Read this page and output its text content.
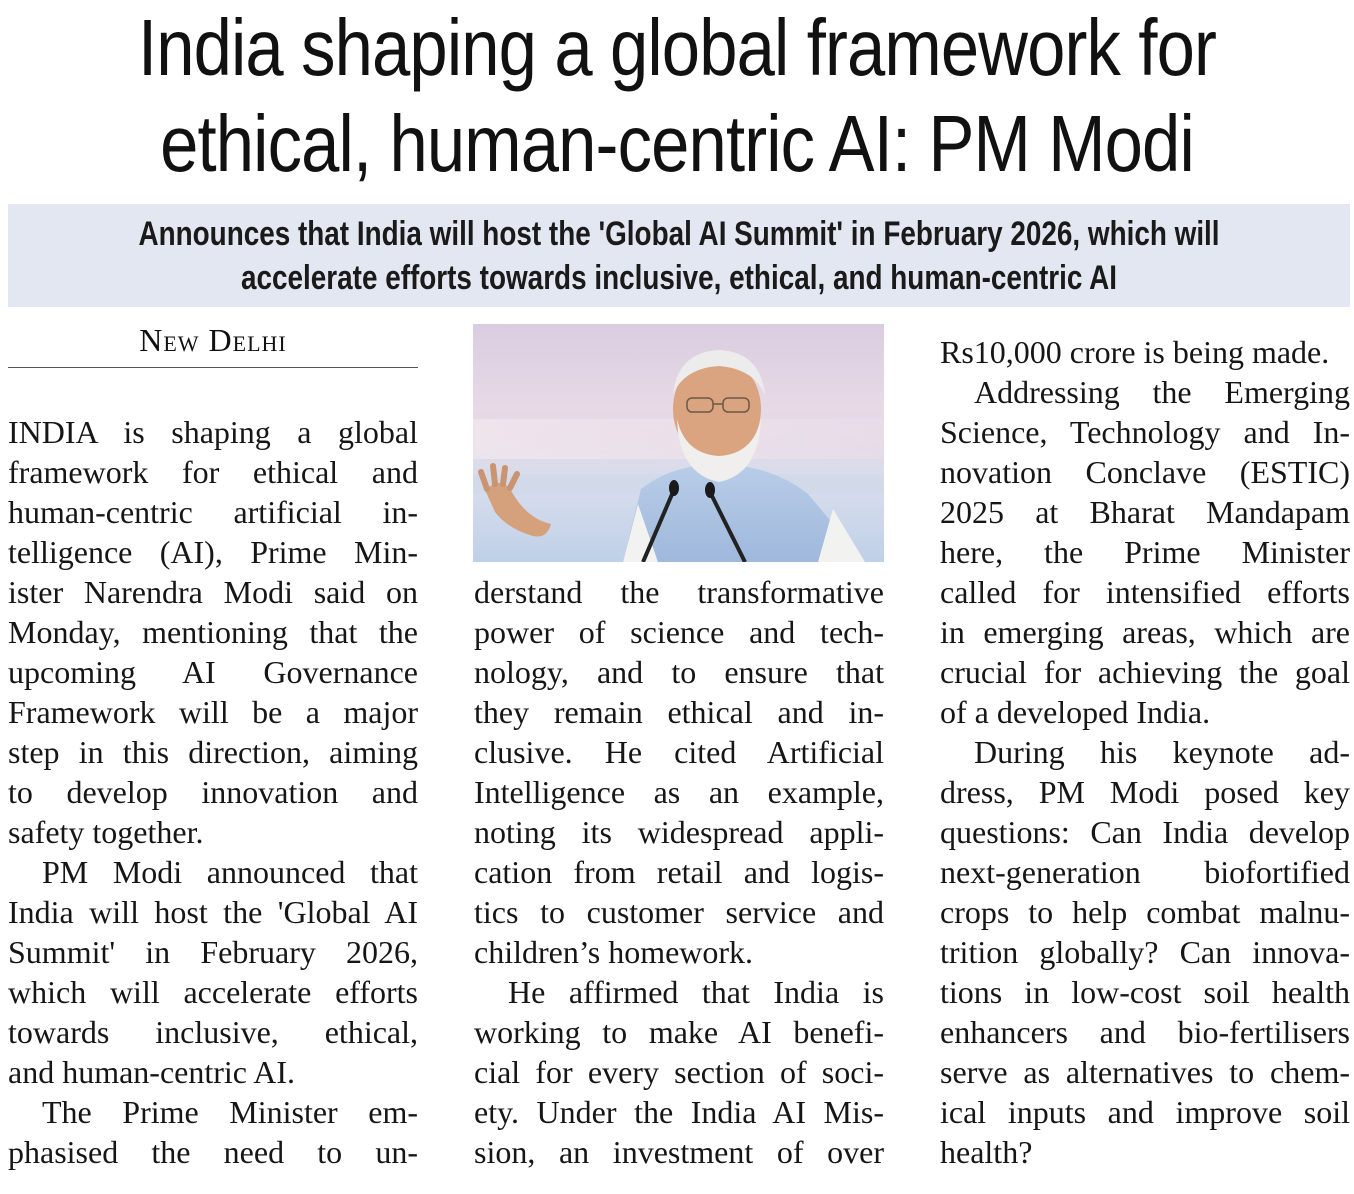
India shaping a global framework for
ethical, human-centric AI: PM Modi
Announces that India will host the 'Global AI Summit' in February 2026, which will
accelerate efforts towards inclusive, ethical, and human-centric AI
New Delhi
INDIA is shaping a global
framework for ethical and
human-centric artificial in-
telligence (AI), Prime Min-
ister Narendra Modi said on
Monday, mentioning that the
upcoming AI Governance
Framework will be a major
step in this direction, aiming
to develop innovation and
safety together.
PM Modi announced that
India will host the 'Global AI
Summit' in February 2026,
which will accelerate efforts
towards inclusive, ethical,
and human-centric AI.
The Prime Minister em-
phasised the need to un-
derstand the transformative
power of science and tech-
nology, and to ensure that
they remain ethical and in-
clusive. He cited Artificial
Intelligence as an example,
noting its widespread appli-
cation from retail and logis-
tics to customer service and
children’s homework.
He affirmed that India is
working to make AI benefi-
cial for every section of soci-
ety. Under the India AI Mis-
sion, an investment of over
Rs10,000 crore is being made.
Addressing the Emerging
Science, Technology and In-
novation Conclave (ESTIC)
2025 at Bharat Mandapam
here, the Prime Minister
called for intensified efforts
in emerging areas, which are
crucial for achieving the goal
of a developed India.
During his keynote ad-
dress, PM Modi posed key
questions: Can India develop
next-generation biofortified
crops to help combat malnu-
trition globally? Can innova-
tions in low-cost soil health
enhancers and bio-fertilisers
serve as alternatives to chem-
ical inputs and improve soil
health?
